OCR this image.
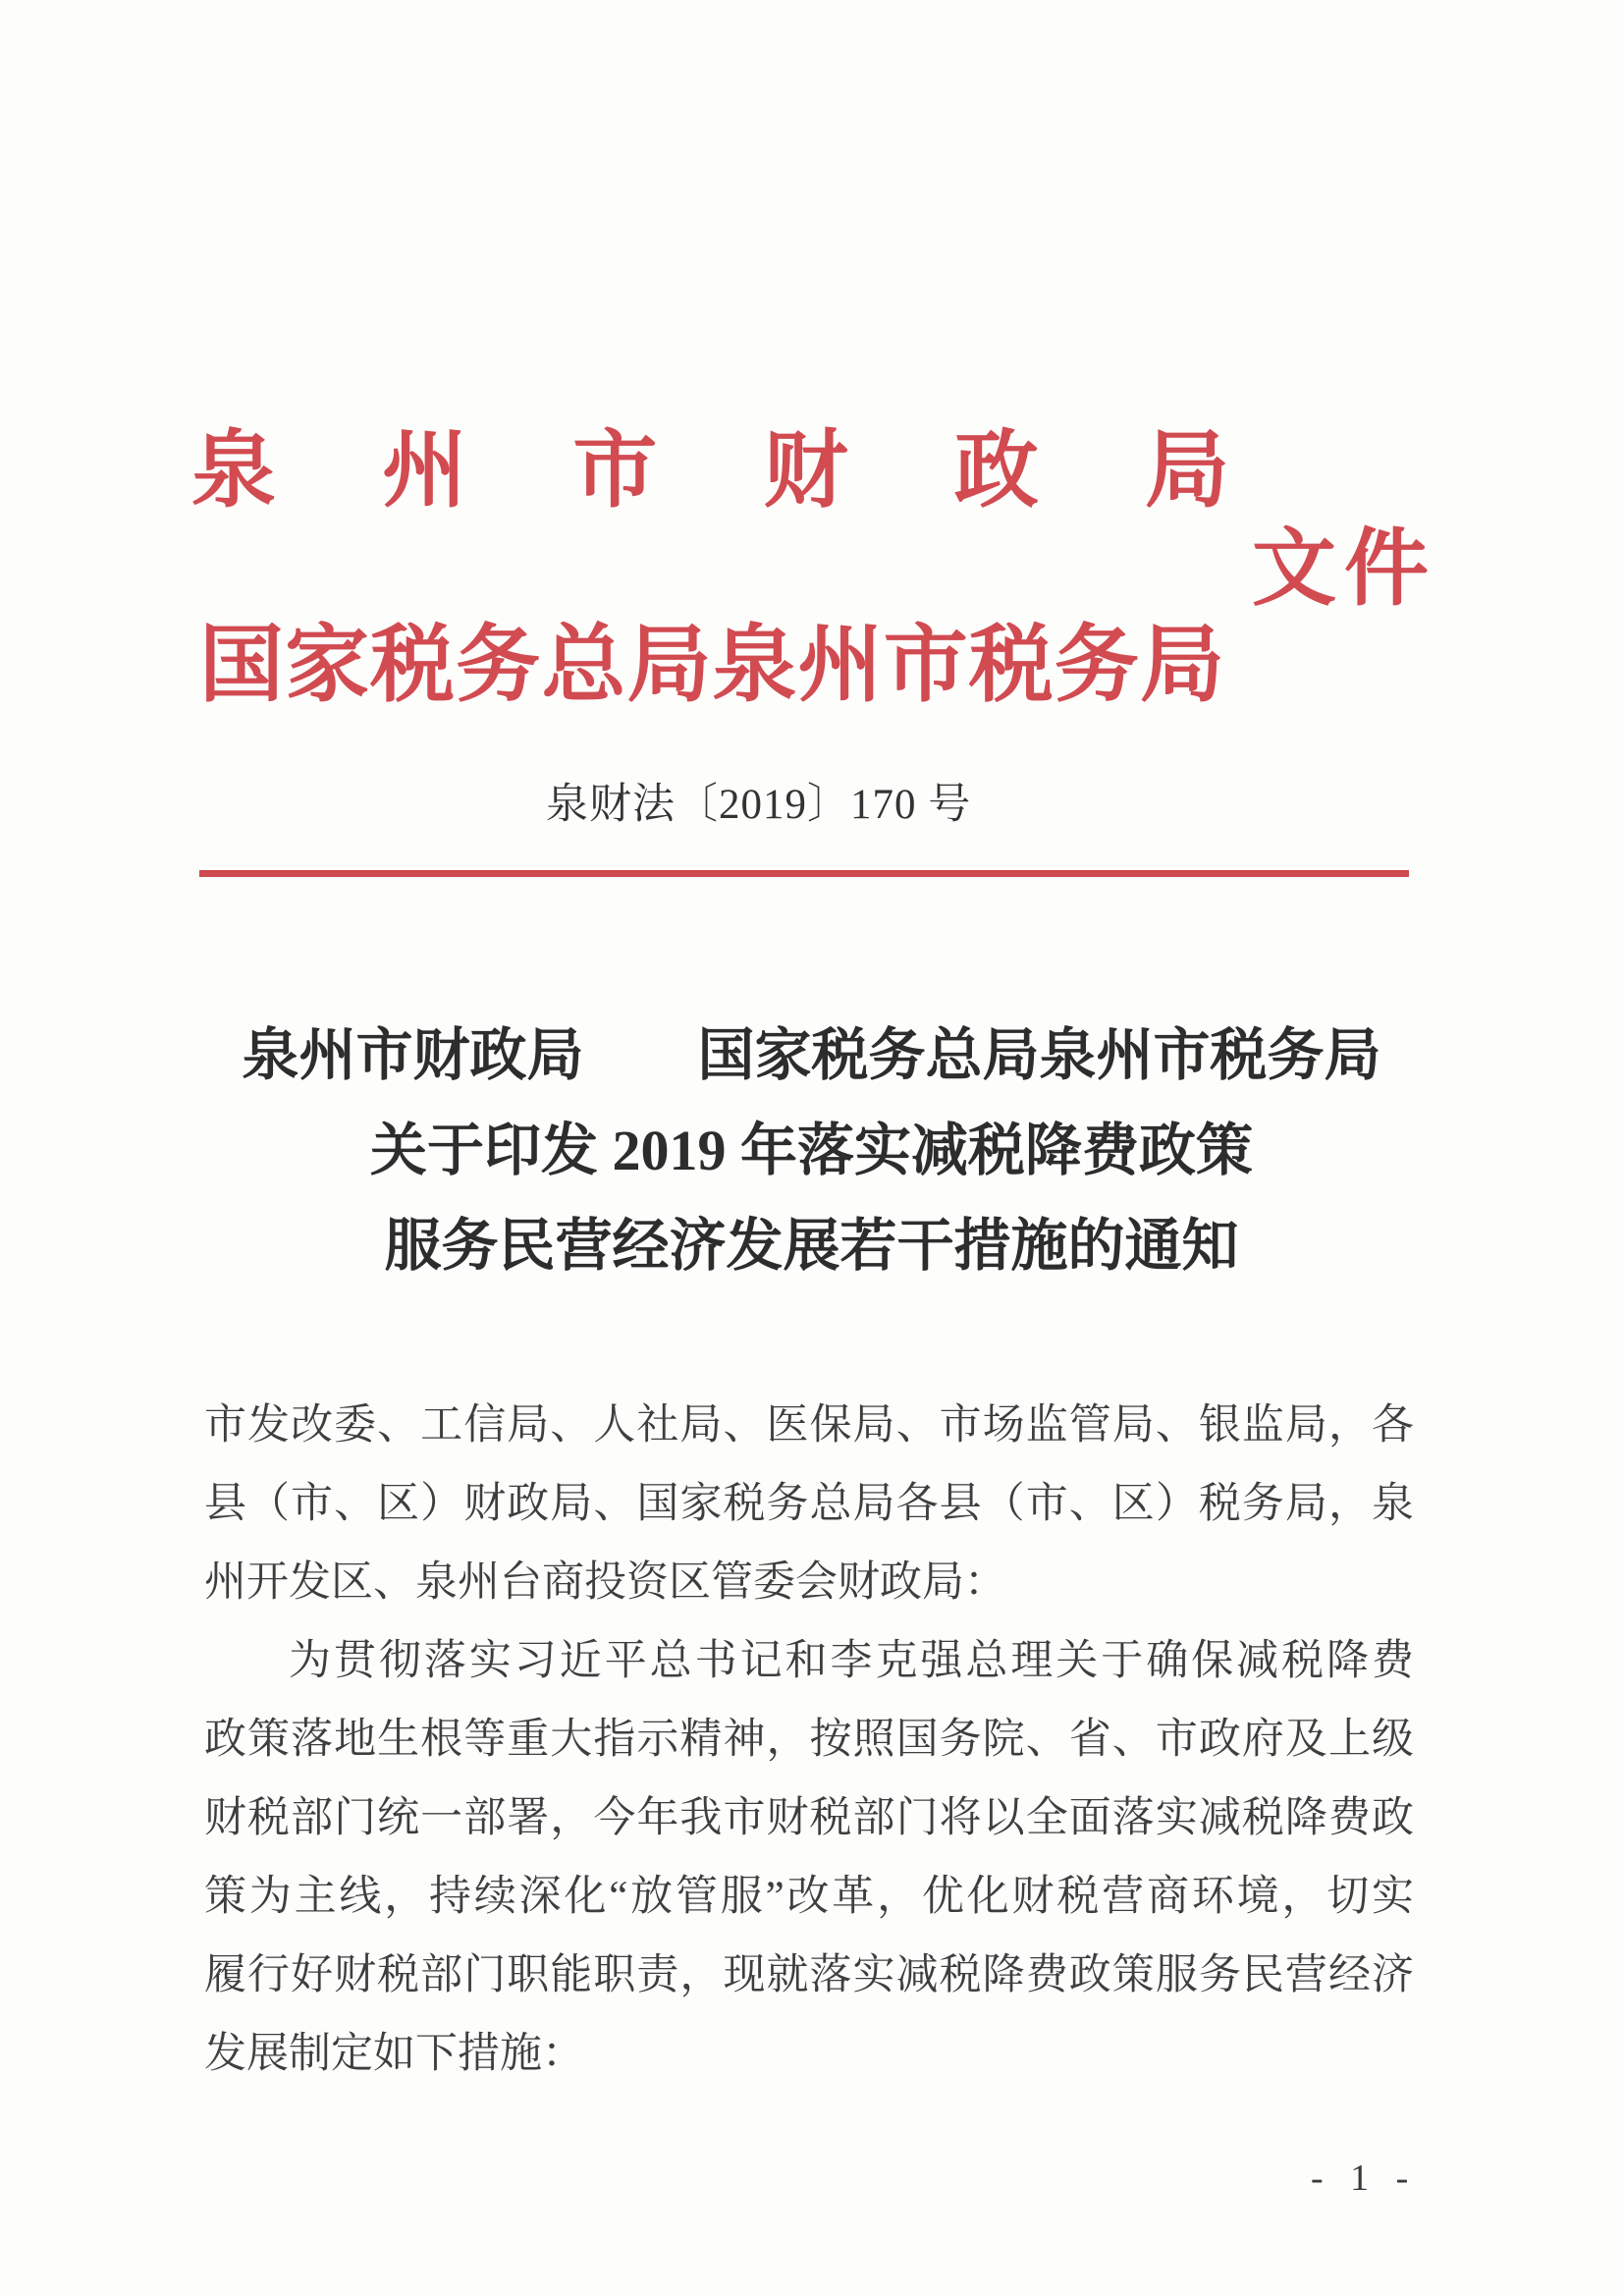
泉州市财政局
文件
国家税务总局泉州市税务局
泉财法〔2019〕170 号
泉州市财政局　　国家税务总局泉州市税务局
关于印发 2019 年落实减税降费政策
服务民营经济发展若干措施的通知

市发改委、工信局、人社局、医保局、市场监管局、银监局，各

县（市、区）财政局、国家税务总局各县（市、区）税务局，泉

州开发区、泉州台商投资区管委会财政局：

为贯彻落实习近平总书记和李克强总理关于确保减税降费

政策落地生根等重大指示精神，按照国务院、省、市政府及上级

财税部门统一部署，今年我市财税部门将以全面落实减税降费政

策为主线，持续深化“放管服”改革，优化财税营商环境，切实

履行好财税部门职能职责，现就落实减税降费政策服务民营经济

发展制定如下措施：

- 1 -
